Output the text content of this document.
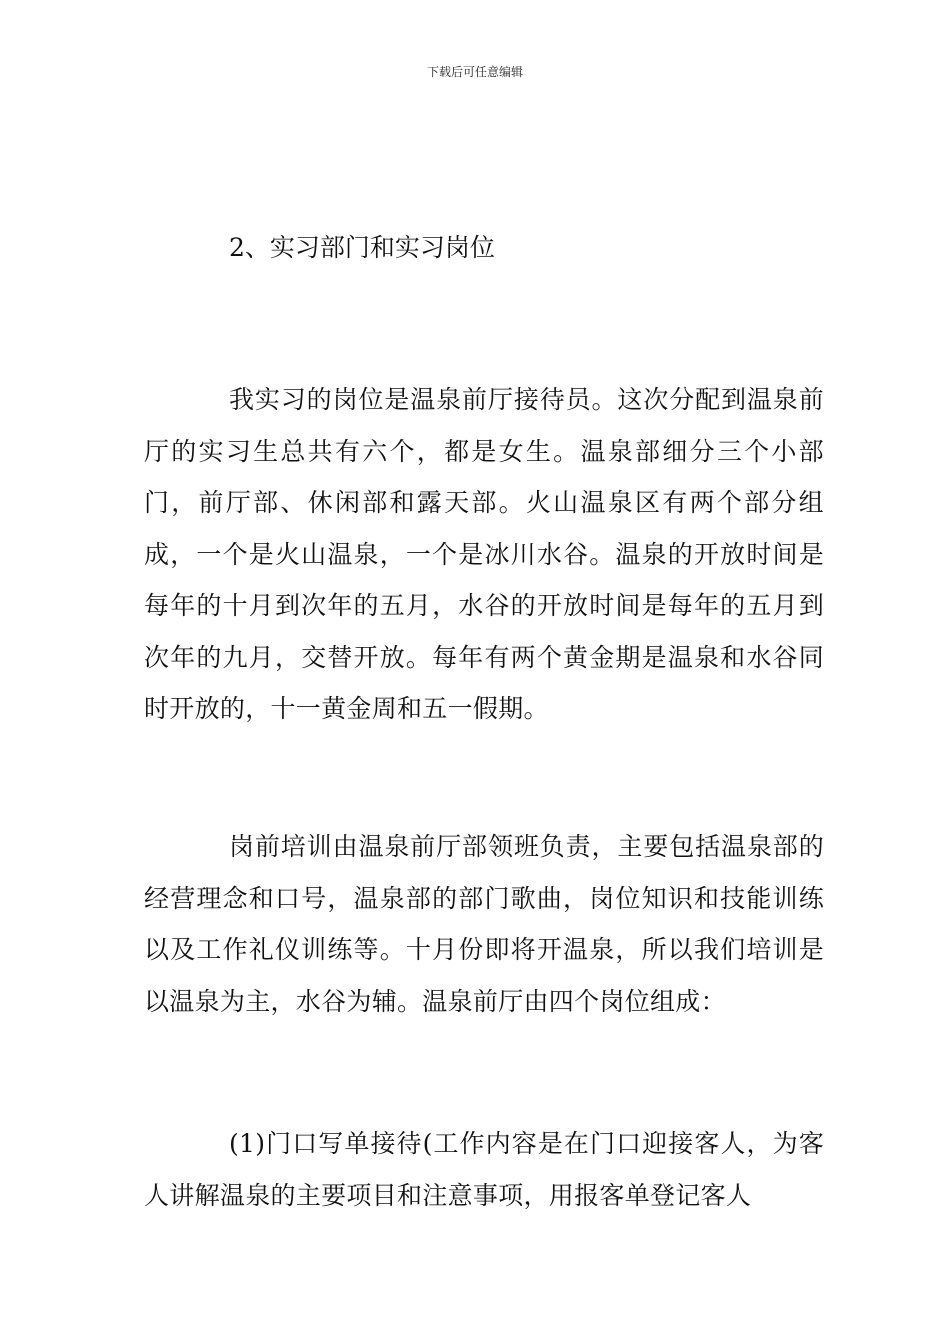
下载后可任意编辑
2、实习部门和实习岗位

我实习的岗位是温泉前厅接待员。这次分配到温泉前厅的实习生总共有六个，都是女生。温泉部细分三个小部门，前厅部、休闲部和露天部。火山温泉区有两个部分组成，一个是火山温泉，一个是冰川水谷。温泉的开放时间是每年的十月到次年的五月，水谷的开放时间是每年的五月到次年的九月，交替开放。每年有两个黄金期是温泉和水谷同时开放的，十一黄金周和五一假期。

岗前培训由温泉前厅部领班负责，主要包括温泉部的经营理念和口号，温泉部的部门歌曲，岗位知识和技能训练以及工作礼仪训练等。十月份即将开温泉，所以我们培训是以温泉为主，水谷为辅。温泉前厅由四个岗位组成：

(1)门口写单接待(工作内容是在门口迎接客人，为客人讲解温泉的主要项目和注意事项，用报客单登记客人
